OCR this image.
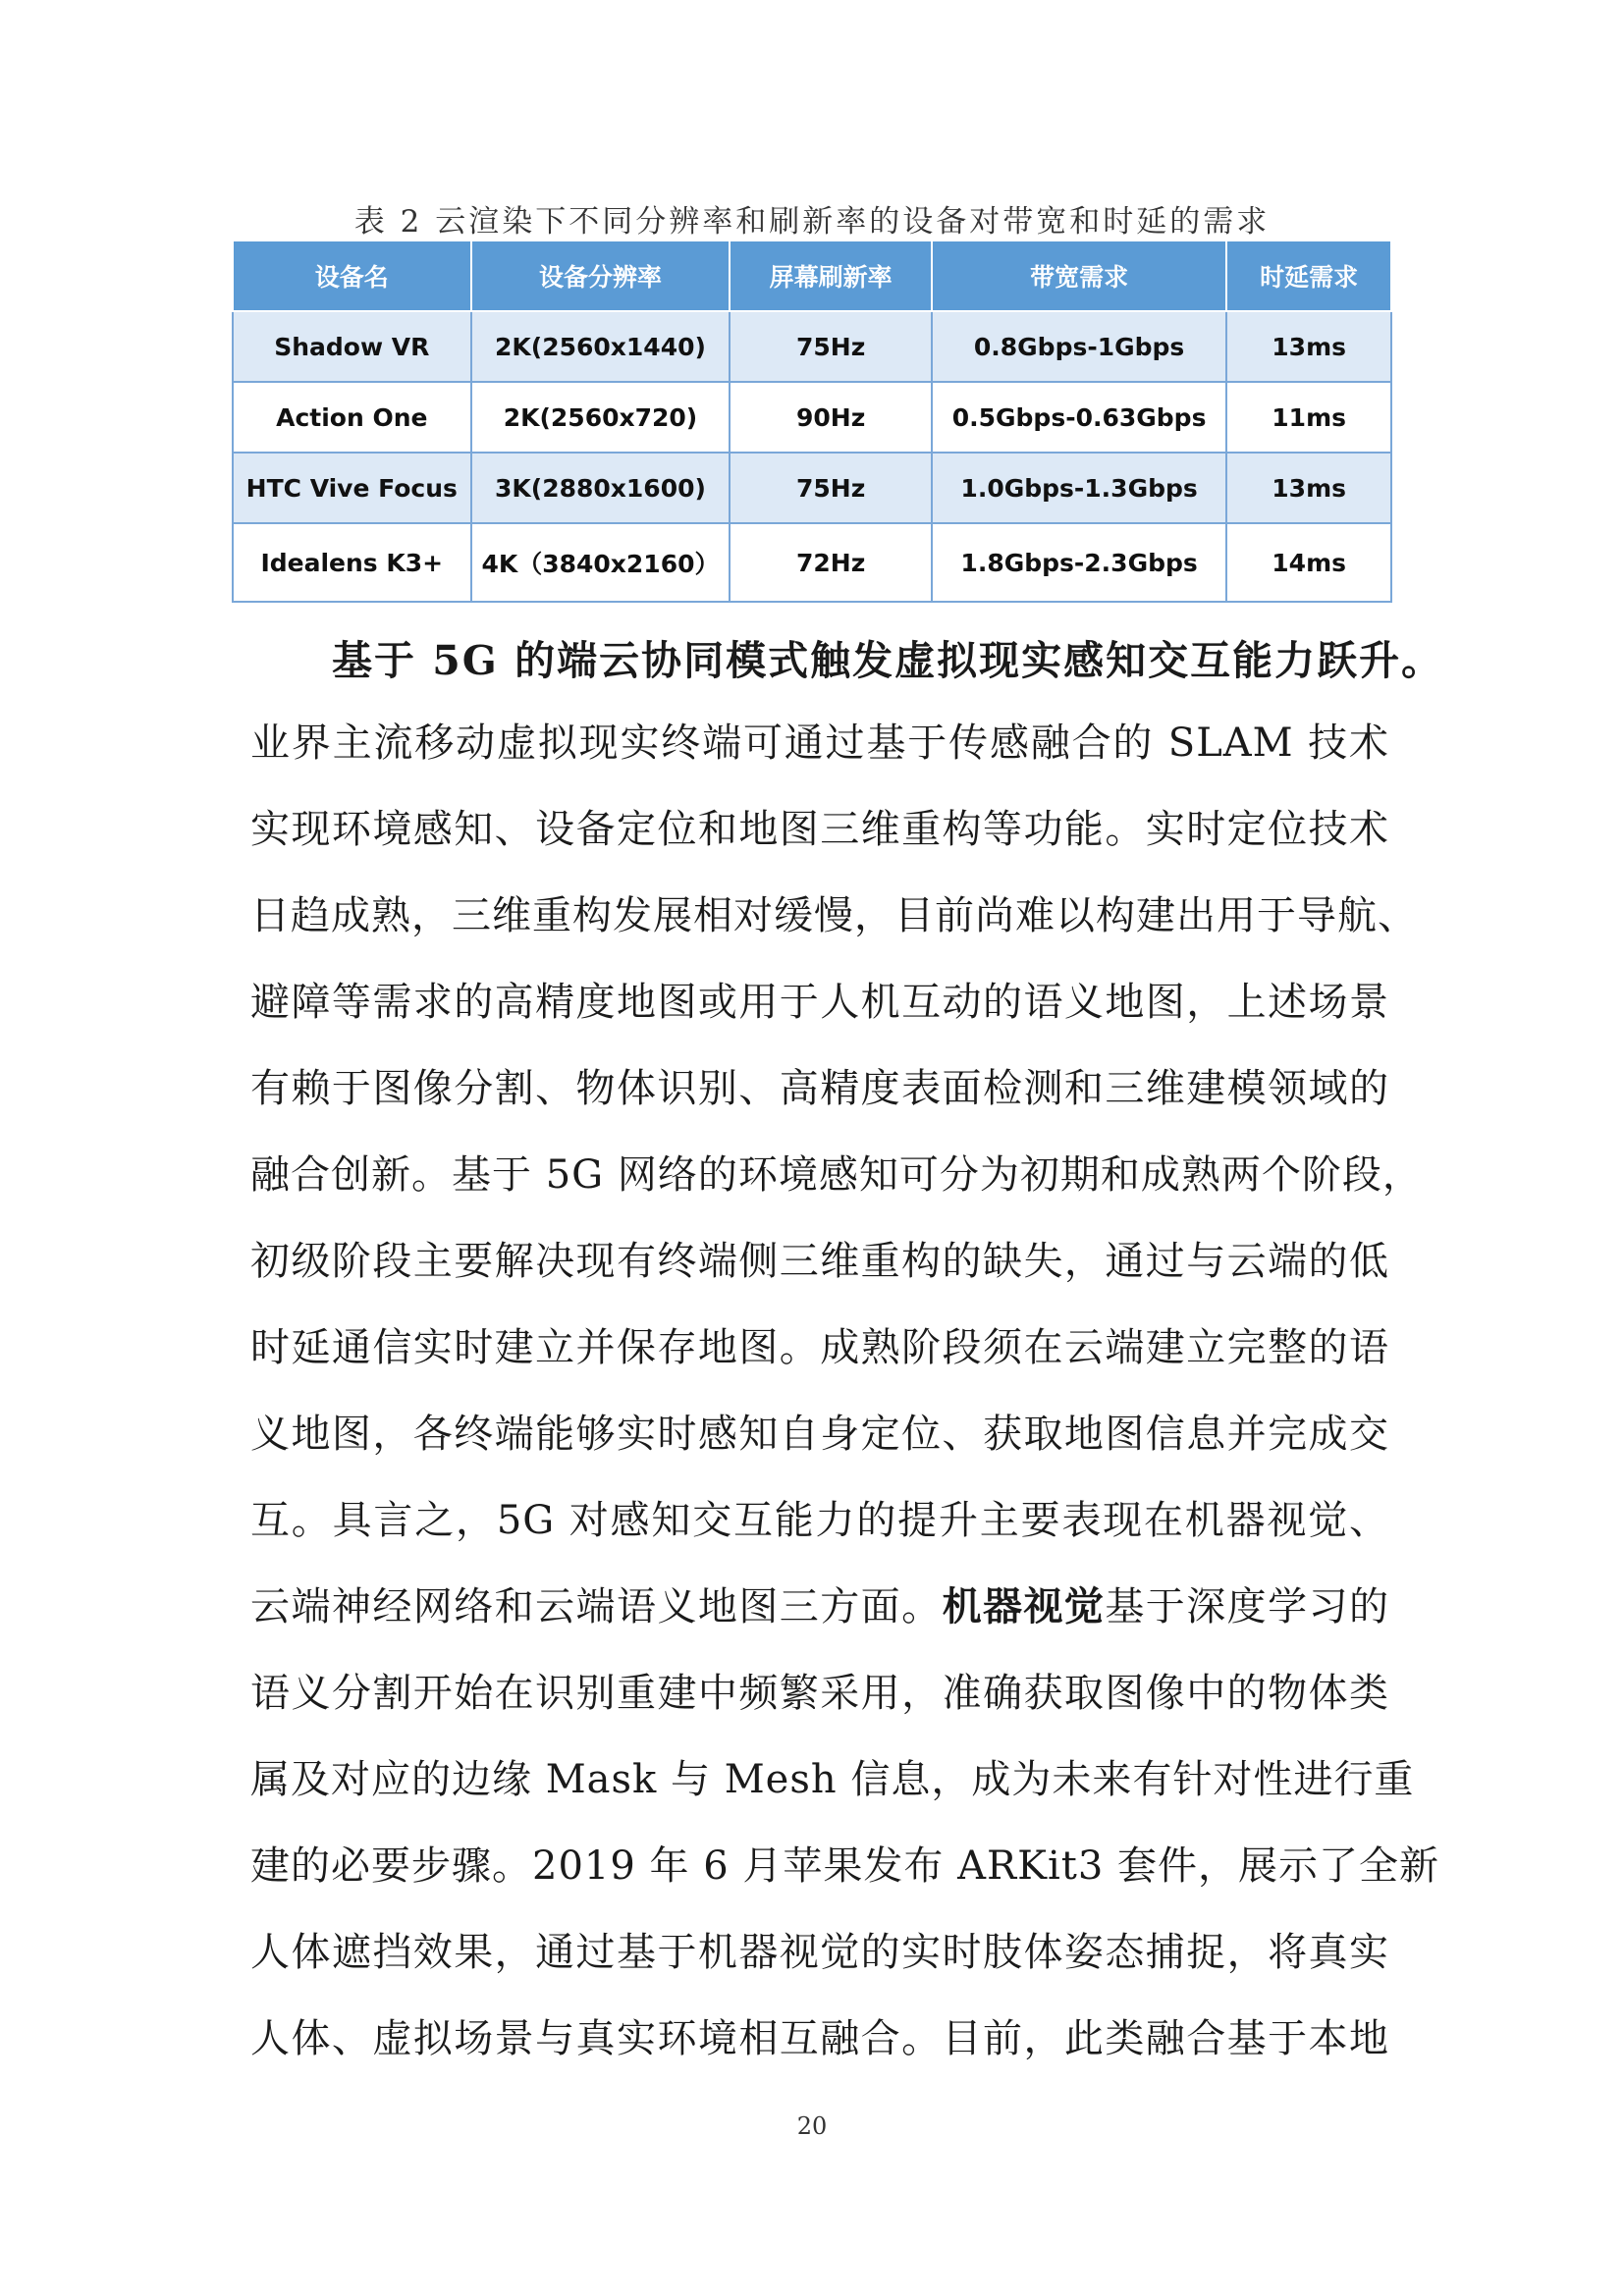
表 2 云渲染下不同分辨率和刷新率的设备对带宽和时延的需求
设备名	设备分辨率	屏幕刷新率	带宽需求	时延需求
Shadow VR	2K(2560x1440)	75Hz	0.8Gbps-1Gbps	13ms
Action One	2K(2560x720)	90Hz	0.5Gbps-0.63Gbps	11ms
HTC Vive Focus	3K(2880x1600)	75Hz	1.0Gbps-1.3Gbps	13ms
Idealens K3+	4K（3840x2160）	72Hz	1.8Gbps-2.3Gbps	14ms
基于 5G 的端云协同模式触发虚拟现实感知交互能力跃升。
业界主流移动虚拟现实终端可通过基于传感融合的 SLAM 技术
实现环境感知、设备定位和地图三维重构等功能。实时定位技术
日趋成熟，三维重构发展相对缓慢，目前尚难以构建出用于导航、
避障等需求的高精度地图或用于人机互动的语义地图，上述场景
有赖于图像分割、物体识别、高精度表面检测和三维建模领域的
融合创新。基于 5G 网络的环境感知可分为初期和成熟两个阶段，
初级阶段主要解决现有终端侧三维重构的缺失，通过与云端的低
时延通信实时建立并保存地图。成熟阶段须在云端建立完整的语
义地图，各终端能够实时感知自身定位、获取地图信息并完成交
互。具言之，5G 对感知交互能力的提升主要表现在机器视觉、
云端神经网络和云端语义地图三方面。机器视觉基于深度学习的
语义分割开始在识别重建中频繁采用，准确获取图像中的物体类
属及对应的边缘 Mask 与 Mesh 信息，成为未来有针对性进行重
建的必要步骤。2019 年 6 月苹果发布 ARKit3 套件，展示了全新
人体遮挡效果，通过基于机器视觉的实时肢体姿态捕捉，将真实
人体、虚拟场景与真实环境相互融合。目前，此类融合基于本地
20
